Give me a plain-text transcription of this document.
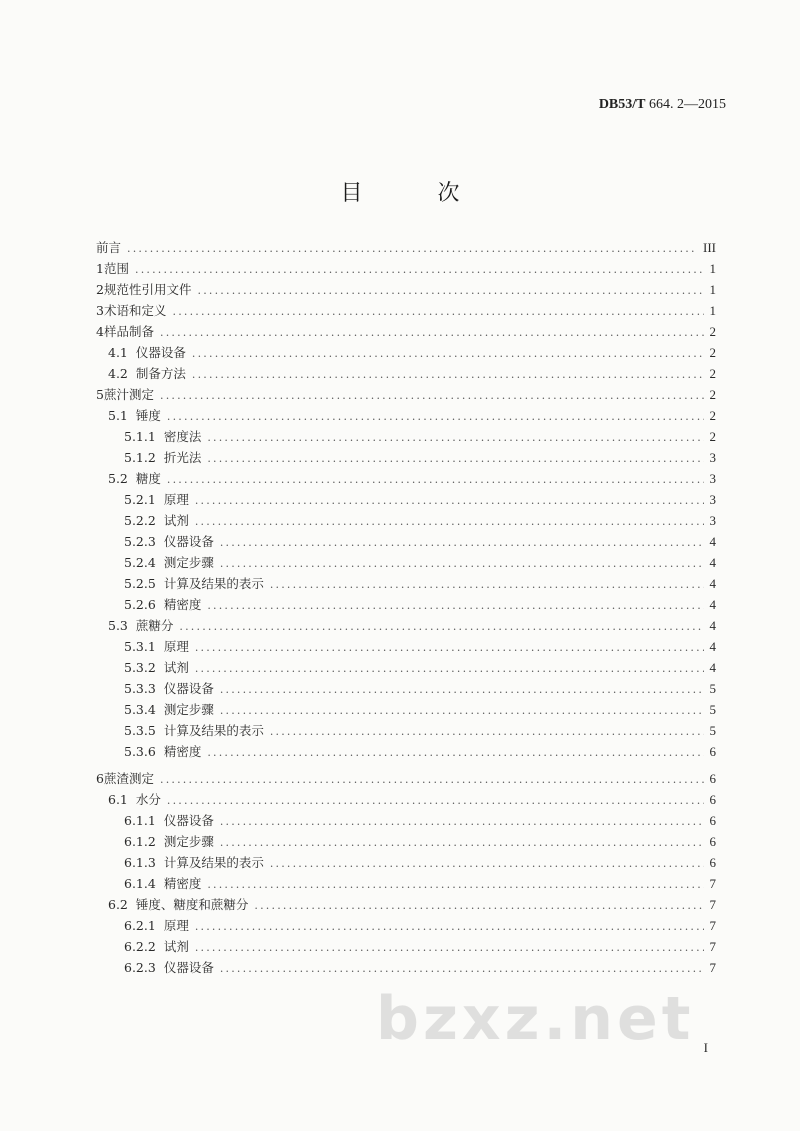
DB53/T 664. 2—2015
目 次
前言 .....	III
1 范围 .....	1
2 规范性引用文件 .....	1
3 术语和定义 .....	1
4 样品制备 .....	2
4.1 仪器设备 .....	2
4.2 制备方法 .....	2
5 蔗汁测定 .....	2
5.1 锤度 .....	2
5.1.1 密度法 .....	2
5.1.2 折光法 .....	3
5.2 糖度 .....	3
5.2.1 原理 .....	3
5.2.2 试剂 .....	3
5.2.3 仪器设备 .....	4
5.2.4 测定步骤 .....	4
5.2.5 计算及结果的表示 .....	4
5.2.6 精密度 .....	4
5.3 蔗糖分 .....	4
5.3.1 原理 .....	4
5.3.2 试剂 .....	4
5.3.3 仪器设备 .....	5
5.3.4 测定步骤 .....	5
5.3.5 计算及结果的表示 .....	5
5.3.6 精密度 .....	6
6 蔗渣测定 .....	6
6.1 水分 .....	6
6.1.1 仪器设备 .....	6
6.1.2 测定步骤 .....	6
6.1.3 计算及结果的表示 .....	6
6.1.4 精密度 .....	7
6.2 锤度、糖度和蔗糖分 .....	7
6.2.1 原理 .....	7
6.2.2 试剂 .....	7
6.2.3 仪器设备 .....	7
I
bzxz.net
